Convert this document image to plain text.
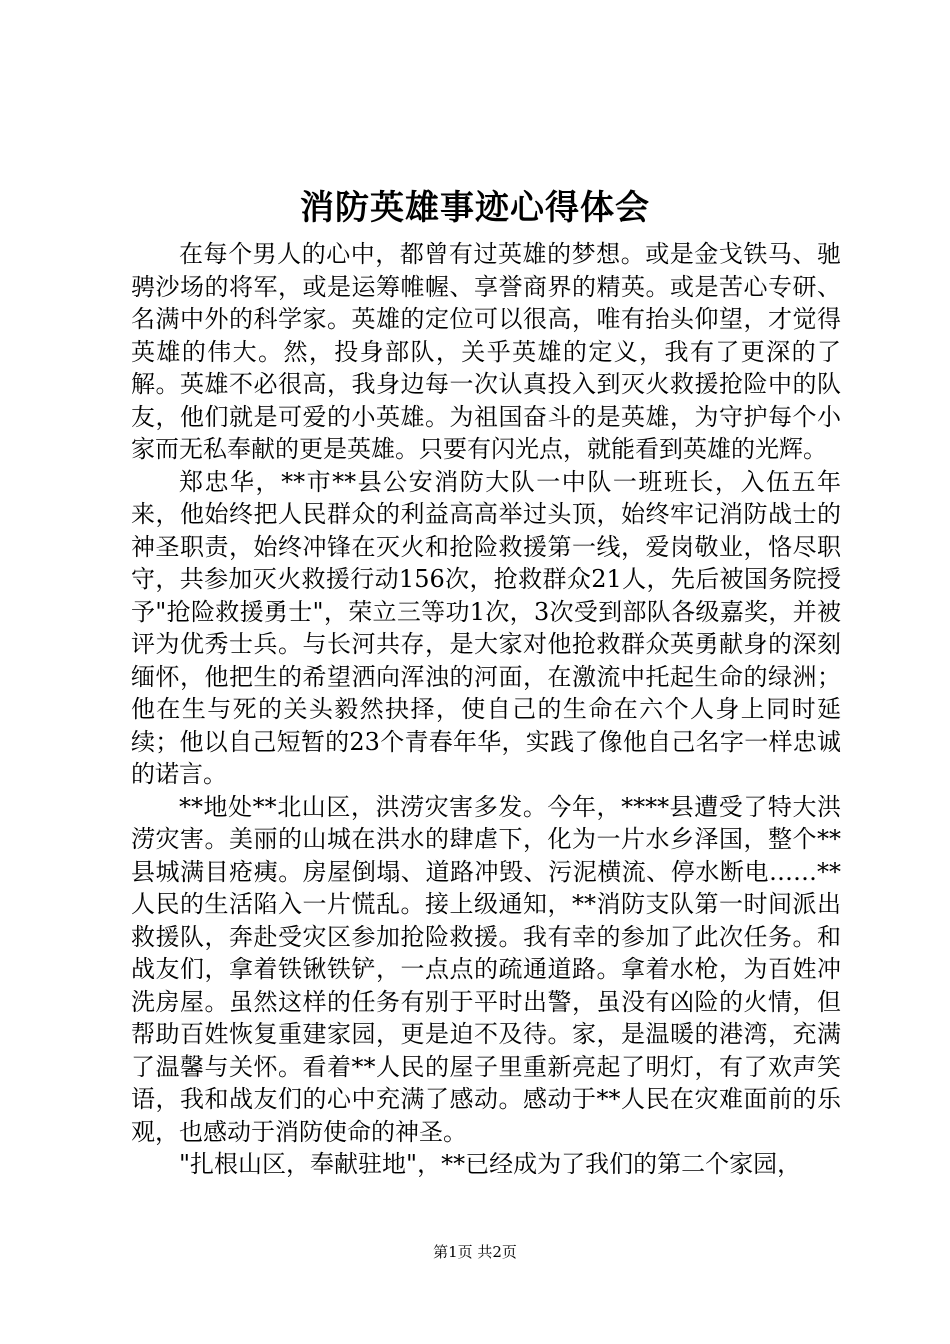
消防英雄事迹心得体会

在每个男人的心中，都曾有过英雄的梦想。或是金戈铁马、驰骋沙场的将军，或是运筹帷幄、享誉商界的精英。或是苦心专研、名满中外的科学家。英雄的定位可以很高，唯有抬头仰望，才觉得英雄的伟大。然，投身部队，关乎英雄的定义，我有了更深的了解。英雄不必很高，我身边每一次认真投入到灭火救援抢险中的队友，他们就是可爱的小英雄。为祖国奋斗的是英雄，为守护每个小家而无私奉献的更是英雄。只要有闪光点，就能看到英雄的光辉。

郑忠华，**市**县公安消防大队一中队一班班长，入伍五年来，他始终把人民群众的利益高高举过头顶，始终牢记消防战士的神圣职责，始终冲锋在灭火和抢险救援第一线，爱岗敬业，恪尽职守，共参加灭火救援行动156次，抢救群众21人，先后被国务院授予"抢险救援勇士"，荣立三等功1次，3次受到部队各级嘉奖，并被评为优秀士兵。与长河共存，是大家对他抢救群众英勇献身的深刻缅怀，他把生的希望洒向浑浊的河面，在激流中托起生命的绿洲；他在生与死的关头毅然抉择，使自己的生命在六个人身上同时延续；他以自己短暂的23个青春年华，实践了像他自己名字一样忠诚的诺言。

**地处**北山区，洪涝灾害多发。今年，****县遭受了特大洪涝灾害。美丽的山城在洪水的肆虐下，化为一片水乡泽国，整个**县城满目疮痍。房屋倒塌、道路冲毁、污泥横流、停水断电……**人民的生活陷入一片慌乱。接上级通知，**消防支队第一时间派出救援队，奔赴受灾区参加抢险救援。我有幸的参加了此次任务。和战友们，拿着铁锹铁铲，一点点的疏通道路。拿着水枪，为百姓冲洗房屋。虽然这样的任务有别于平时出警，虽没有凶险的火情，但帮助百姓恢复重建家园，更是迫不及待。家，是温暖的港湾，充满了温馨与关怀。看着**人民的屋子里重新亮起了明灯，有了欢声笑语，我和战友们的心中充满了感动。感动于**人民在灾难面前的乐观，也感动于消防使命的神圣。

"扎根山区，奉献驻地"，**已经成为了我们的第二个家园，

第1页 共2页
